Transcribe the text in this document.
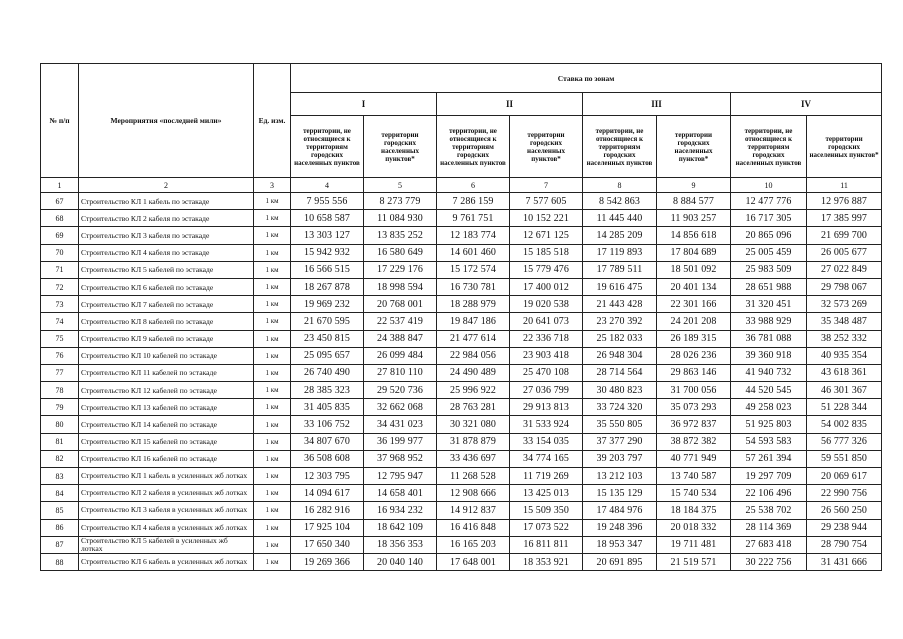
№ п/п	Мероприятия «последней мили»	Ед. изм.	Ставка по зонам							
			I		II		III		IV	
			территории, не относящиеся к территориям городских населенных пунктов	территории городских населенных пунктов*	территории, не относящиеся к территориям городских населенных пунктов	территории городских населенных пунктов*	территории, не относящиеся к территориям городских населенных пунктов	территории городских населенных пунктов*	территории, не относящиеся к территориям городских населенных пунктов	территории городских населенных пунктов*
1	2	3	4	5	6	7	8	9	10	11
67	Строительство КЛ 1 кабель по эстакаде	1 км	7 955 556	8 273 779	7 286 159	7 577 605	8 542 863	8 884 577	12 477 776	12 976 887
68	Строительство КЛ 2 кабеля по эстакаде	1 км	10 658 587	11 084 930	9 761 751	10 152 221	11 445 440	11 903 257	16 717 305	17 385 997
69	Строительство КЛ 3 кабеля по эстакаде	1 км	13 303 127	13 835 252	12 183 774	12 671 125	14 285 209	14 856 618	20 865 096	21 699 700
70	Строительство КЛ 4 кабеля по эстакаде	1 км	15 942 932	16 580 649	14 601 460	15 185 518	17 119 893	17 804 689	25 005 459	26 005 677
71	Строительство КЛ 5 кабелей по эстакаде	1 км	16 566 515	17 229 176	15 172 574	15 779 476	17 789 511	18 501 092	25 983 509	27 022 849
72	Строительство КЛ 6 кабелей по эстакаде	1 км	18 267 878	18 998 594	16 730 781	17 400 012	19 616 475	20 401 134	28 651 988	29 798 067
73	Строительство КЛ 7 кабелей по эстакаде	1 км	19 969 232	20 768 001	18 288 979	19 020 538	21 443 428	22 301 166	31 320 451	32 573 269
74	Строительство КЛ 8 кабелей по эстакаде	1 км	21 670 595	22 537 419	19 847 186	20 641 073	23 270 392	24 201 208	33 988 929	35 348 487
75	Строительство КЛ 9 кабелей по эстакаде	1 км	23 450 815	24 388 847	21 477 614	22 336 718	25 182 033	26 189 315	36 781 088	38 252 332
76	Строительство КЛ 10 кабелей по эстакаде	1 км	25 095 657	26 099 484	22 984 056	23 903 418	26 948 304	28 026 236	39 360 918	40 935 354
77	Строительство КЛ 11 кабелей по эстакаде	1 км	26 740 490	27 810 110	24 490 489	25 470 108	28 714 564	29 863 146	41 940 732	43 618 361
78	Строительство КЛ 12 кабелей по эстакаде	1 км	28 385 323	29 520 736	25 996 922	27 036 799	30 480 823	31 700 056	44 520 545	46 301 367
79	Строительство КЛ 13 кабелей по эстакаде	1 км	31 405 835	32 662 068	28 763 281	29 913 813	33 724 320	35 073 293	49 258 023	51 228 344
80	Строительство КЛ 14 кабелей по эстакаде	1 км	33 106 752	34 431 023	30 321 080	31 533 924	35 550 805	36 972 837	51 925 803	54 002 835
81	Строительство КЛ 15 кабелей по эстакаде	1 км	34 807 670	36 199 977	31 878 879	33 154 035	37 377 290	38 872 382	54 593 583	56 777 326
82	Строительство КЛ 16 кабелей по эстакаде	1 км	36 508 608	37 968 952	33 436 697	34 774 165	39 203 797	40 771 949	57 261 394	59 551 850
83	Строительство КЛ 1 кабель в усиленных жб лотках	1 км	12 303 795	12 795 947	11 268 528	11 719 269	13 212 103	13 740 587	19 297 709	20 069 617
84	Строительство КЛ 2 кабеля в усиленных жб лотках	1 км	14 094 617	14 658 401	12 908 666	13 425 013	15 135 129	15 740 534	22 106 496	22 990 756
85	Строительство КЛ 3 кабеля в усиленных жб лотках	1 км	16 282 916	16 934 232	14 912 837	15 509 350	17 484 976	18 184 375	25 538 702	26 560 250
86	Строительство КЛ 4 кабеля в усиленных жб лотках	1 км	17 925 104	18 642 109	16 416 848	17 073 522	19 248 396	20 018 332	28 114 369	29 238 944
87	Строительство КЛ 5 кабелей в усиленных жб лотках	1 км	17 650 340	18 356 353	16 165 203	16 811 811	18 953 347	19 711 481	27 683 418	28 790 754
88	Строительство КЛ 6 кабель в усиленных жб лотках	1 км	19 269 366	20 040 140	17 648 001	18 353 921	20 691 895	21 519 571	30 222 756	31 431 666
